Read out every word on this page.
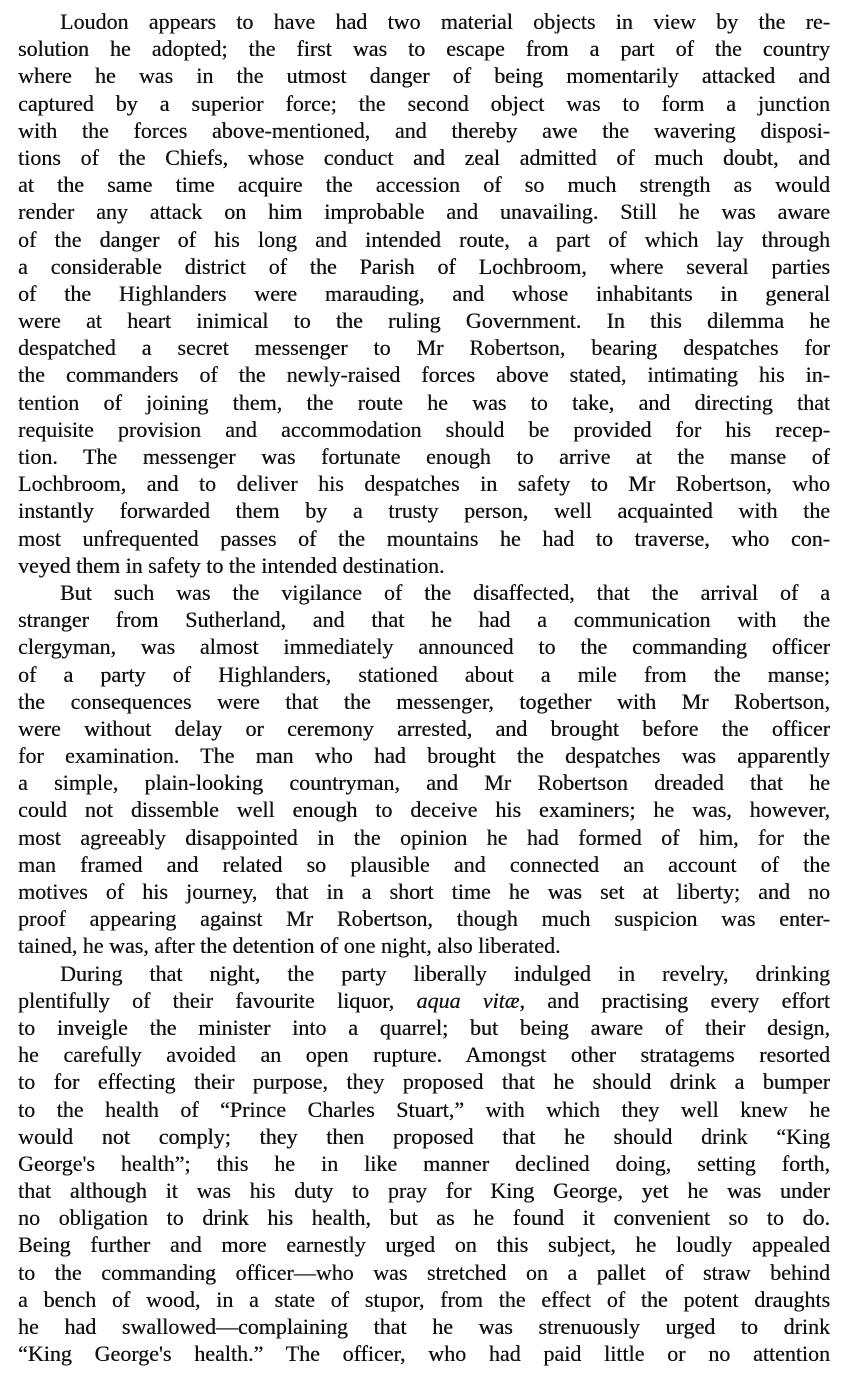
Loudon appears to have had two material objects in view by the re-
solution he adopted; the first was to escape from a part of the country
where he was in the utmost danger of being momentarily attacked and
captured by a superior force; the second object was to form a junction
with the forces above-mentioned, and thereby awe the wavering disposi-
tions of the Chiefs, whose conduct and zeal admitted of much doubt, and
at the same time acquire the accession of so much strength as would
render any attack on him improbable and unavailing. Still he was aware
of the danger of his long and intended route, a part of which lay through
a considerable district of the Parish of Lochbroom, where several parties
of the Highlanders were marauding, and whose inhabitants in general
were at heart inimical to the ruling Government. In this dilemma he
despatched a secret messenger to Mr Robertson, bearing despatches for
the commanders of the newly-raised forces above stated, intimating his in-
tention of joining them, the route he was to take, and directing that
requisite provision and accommodation should be provided for his recep-
tion. The messenger was fortunate enough to arrive at the manse of
Lochbroom, and to deliver his despatches in safety to Mr Robertson, who
instantly forwarded them by a trusty person, well acquainted with the
most unfrequented passes of the mountains he had to traverse, who con-
veyed them in safety to the intended destination.
But such was the vigilance of the disaffected, that the arrival of a
stranger from Sutherland, and that he had a communication with the
clergyman, was almost immediately announced to the commanding officer
of a party of Highlanders, stationed about a mile from the manse;
the consequences were that the messenger, together with Mr Robertson,
were without delay or ceremony arrested, and brought before the officer
for examination. The man who had brought the despatches was apparently
a simple, plain-looking countryman, and Mr Robertson dreaded that he
could not dissemble well enough to deceive his examiners; he was, however,
most agreeably disappointed in the opinion he had formed of him, for the
man framed and related so plausible and connected an account of the
motives of his journey, that in a short time he was set at liberty; and no
proof appearing against Mr Robertson, though much suspicion was enter-
tained, he was, after the detention of one night, also liberated.
During that night, the party liberally indulged in revelry, drinking
plentifully of their favourite liquor, aqua vitæ, and practising every effort
to inveigle the minister into a quarrel; but being aware of their design,
he carefully avoided an open rupture. Amongst other stratagems resorted
to for effecting their purpose, they proposed that he should drink a bumper
to the health of “Prince Charles Stuart,” with which they well knew he
would not comply; they then proposed that he should drink “King
George's health”; this he in like manner declined doing, setting forth,
that although it was his duty to pray for King George, yet he was under
no obligation to drink his health, but as he found it convenient so to do.
Being further and more earnestly urged on this subject, he loudly appealed
to the commanding officer—who was stretched on a pallet of straw behind
a bench of wood, in a state of stupor, from the effect of the potent draughts
he had swallowed—complaining that he was strenuously urged to drink
“King George's health.” The officer, who had paid little or no attention
